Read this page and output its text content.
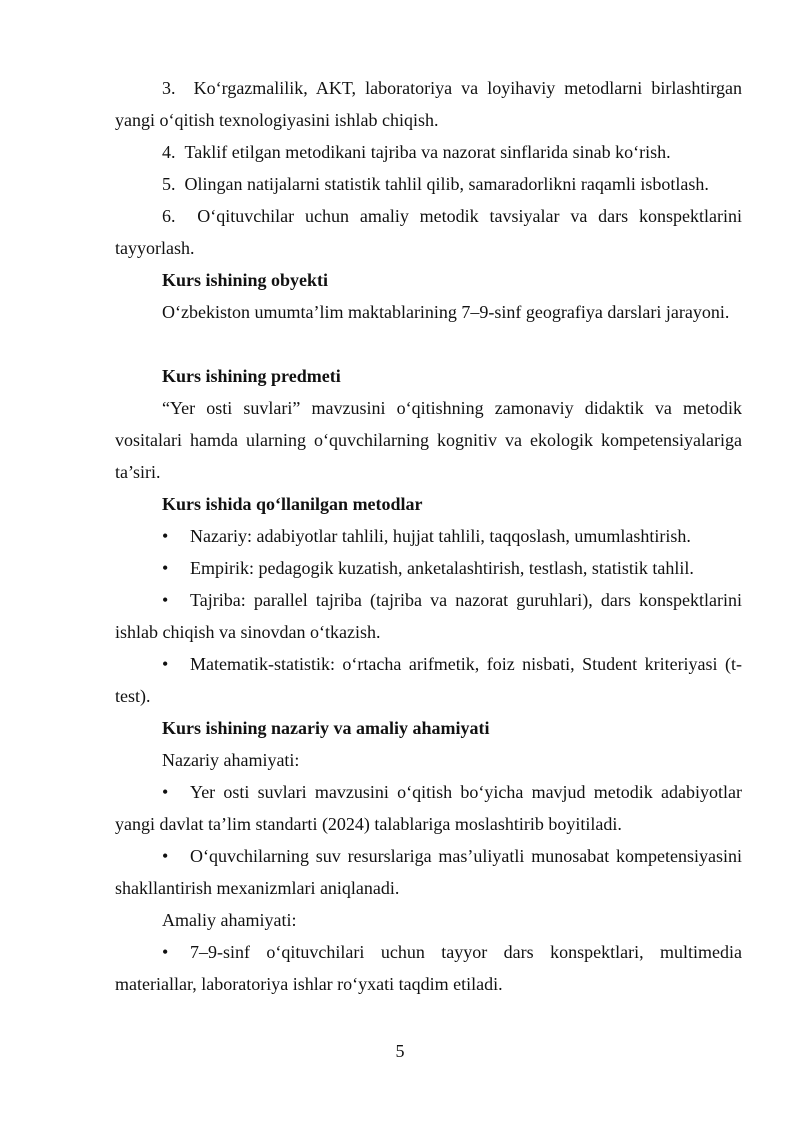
3.  Ko‘rgazmalilik, AKT, laboratoriya va loyihaviy metodlarni birlashtirgan yangi o‘qitish texnologiyasini ishlab chiqish.

4.  Taklif etilgan metodikani tajriba va nazorat sinflarida sinab ko‘rish.

5.  Olingan natijalarni statistik tahlil qilib, samaradorlikni raqamli isbotlash.

6.  O‘qituvchilar uchun amaliy metodik tavsiyalar va dars konspektlarini tayyorlash.

Kurs ishining obyekti

O‘zbekiston umumta’lim maktablarining 7–9-sinf geografiya darslari jarayoni.

Kurs ishining predmeti

“Yer osti suvlari” mavzusini o‘qitishning zamonaviy didaktik va metodik vositalari hamda ularning o‘quvchilarning kognitiv va ekologik kompetensiyalariga ta’siri.

Kurs ishida qo‘llanilgan metodlar

• Nazariy: adabiyotlar tahlili, hujjat tahlili, taqqoslash, umumlashtirish.

• Empirik: pedagogik kuzatish, anketalashtirish, testlash, statistik tahlil.

• Tajriba: parallel tajriba (tajriba va nazorat guruhlari), dars konspektlarini ishlab chiqish va sinovdan o‘tkazish.

• Matematik-statistik: o‘rtacha arifmetik, foiz nisbati, Student kriteriyasi (t-test).

Kurs ishining nazariy va amaliy ahamiyati
Nazariy ahamiyati:

• Yer osti suvlari mavzusini o‘qitish bo‘yicha mavjud metodik adabiyotlar yangi davlat ta’lim standarti (2024) talablariga moslashtirib boyitiladi.

• O‘quvchilarning suv resurslariga mas’uliyatli munosabat kompetensiyasini shakllantirish mexanizmlari aniqlanadi.

Amaliy ahamiyati:

• 7–9-sinf o‘qituvchilari uchun tayyor dars konspektlari, multimedia materiallar, laboratoriya ishlar ro‘yxati taqdim etiladi.

5
